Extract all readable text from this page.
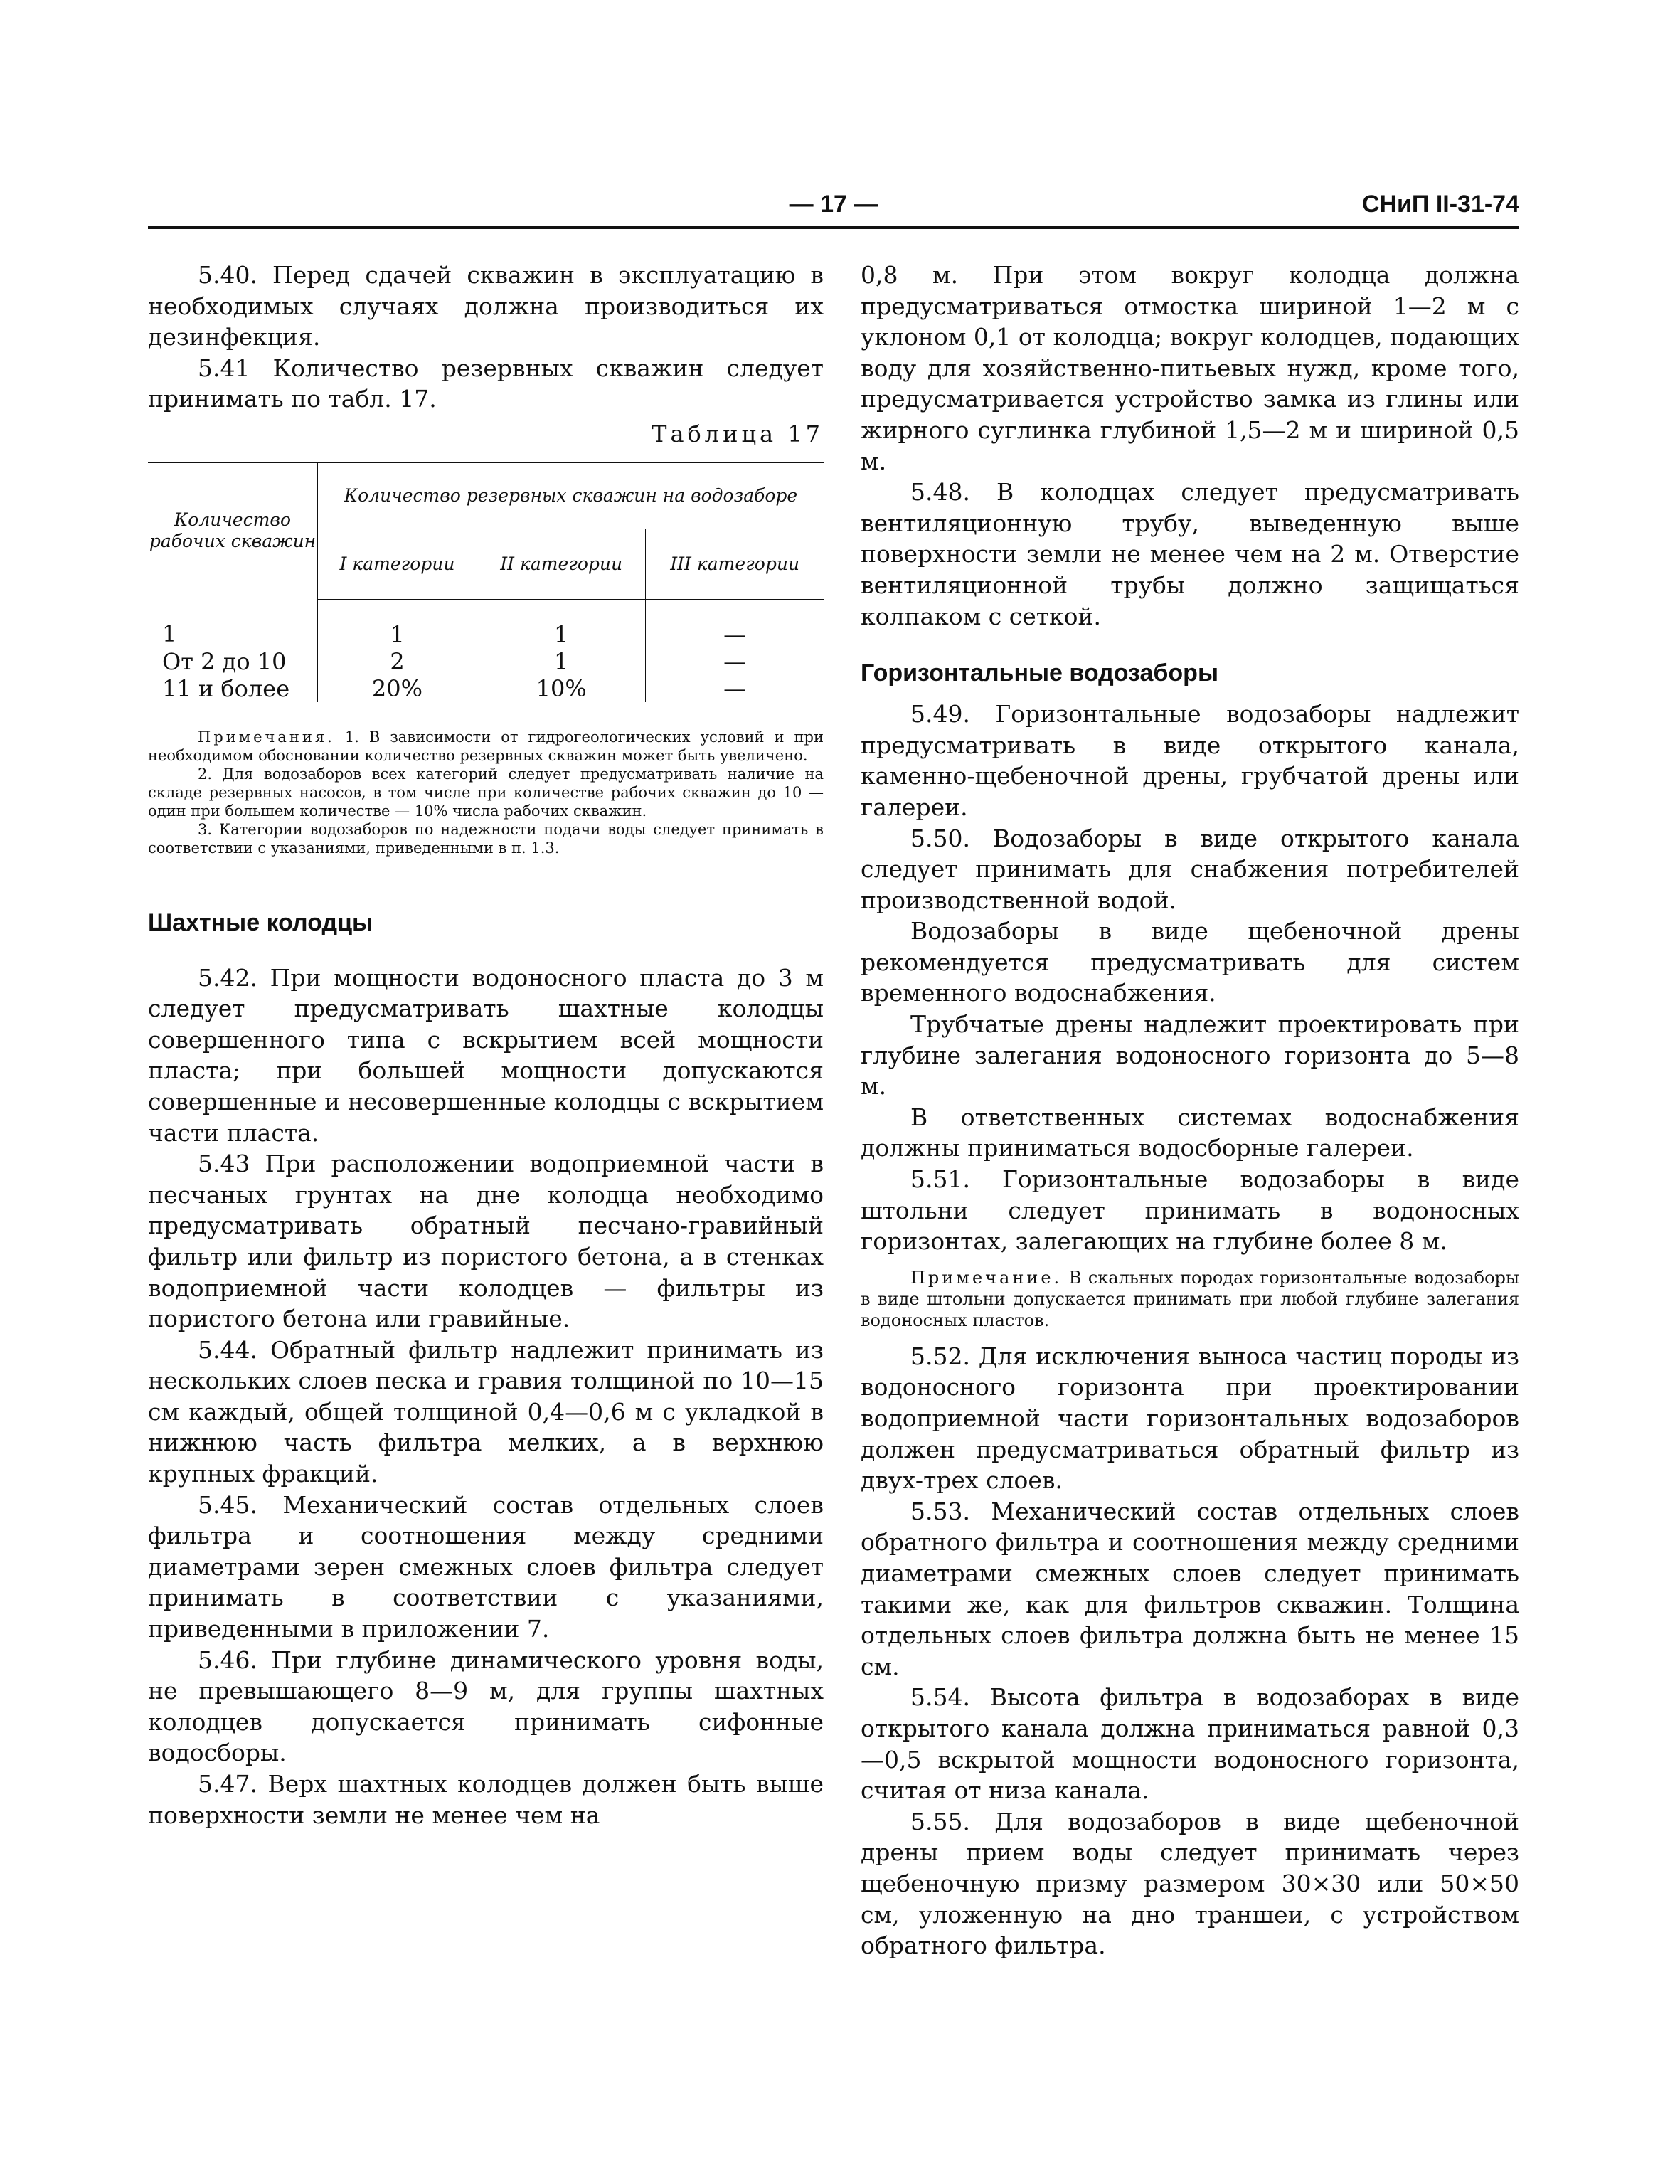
— 17 —	СНиП II-31-74

5.40. Перед сдачей скважин в эксплуатацию в необходимых случаях должна производиться их дезинфекция.

5.41 Количество резервных скважин следует принимать по табл. 17.

Таблица 17
Количество рабочих скважин	Количество резервных скважин на водозаборе		
	I категории	II категории	III категории
1	1	1	—
От 2 до 10	2	1	—
11 и более	20%	10%	—

Примечания. 1. В зависимости от гидрогеологических условий и при необходимом обосновании количество резервных скважин может быть увеличено.

2. Для водозаборов всех категорий следует предусматривать наличие на складе резервных насосов, в том числе при количестве рабочих скважин до 10 — один при большем количестве — 10% числа рабочих скважин.

3. Категории водозаборов по надежности подачи воды следует принимать в соответствии с указаниями, приведенными в п. 1.3.

Шахтные колодцы

5.42. При мощности водоносного пласта до 3 м следует предусматривать шахтные колодцы совершенного типа с вскрытием всей мощности пласта; при большей мощности допускаются совершенные и несовершенные колодцы с вскрытием части пласта.

5.43 При расположении водоприемной части в песчаных грунтах на дне колодца необходимо предусматривать обратный песчано-гравийный фильтр или фильтр из пористого бетона, а в стенках водоприемной части колодцев — фильтры из пористого бетона или гравийные.

5.44. Обратный фильтр надлежит принимать из нескольких слоев песка и гравия толщиной по 10—15 см каждый, общей толщиной 0,4—0,6 м с укладкой в нижнюю часть фильтра мелких, а в верхнюю крупных фракций.

5.45. Механический состав отдельных слоев фильтра и соотношения между средними диаметрами зерен смежных слоев фильтра следует принимать в соответствии с указаниями, приведенными в приложении 7.

5.46. При глубине динамического уровня воды, не превышающего 8—9 м, для группы шахтных колодцев допускается принимать сифонные водосборы.

5.47. Верх шахтных колодцев должен быть выше поверхности земли не менее чем на

0,8 м. При этом вокруг колодца должна предусматриваться отмостка шириной 1—2 м с уклоном 0,1 от колодца; вокруг колодцев, подающих воду для хозяйственно-питьевых нужд, кроме того, предусматривается устройство замка из глины или жирного суглинка глубиной 1,5—2 м и шириной 0,5 м.

5.48. В колодцах следует предусматривать вентиляционную трубу, выведенную выше поверхности земли не менее чем на 2 м. Отверстие вентиляционной трубы должно защищаться колпаком с сеткой.

Горизонтальные водозаборы

5.49. Горизонтальные водозаборы надлежит предусматривать в виде открытого канала, каменно-щебеночной дрены, грубчатой дрены или галереи.

5.50. Водозаборы в виде открытого канала следует принимать для снабжения потребителей производственной водой.

Водозаборы в виде щебеночной дрены рекомендуется предусматривать для систем временного водоснабжения.

Трубчатые дрены надлежит проектировать при глубине залегания водоносного горизонта до 5—8 м.

В ответственных системах водоснабжения должны приниматься водосборные галереи.

5.51. Горизонтальные водозаборы в виде штольни следует принимать в водоносных горизонтах, залегающих на глубине более 8 м.

Примечание. В скальных породах горизонтальные водозаборы в виде штольни допускается принимать при любой глубине залегания водоносных пластов.

5.52. Для исключения выноса частиц породы из водоносного горизонта при проектировании водоприемной части горизонтальных водозаборов должен предусматриваться обратный фильтр из двух-трех слоев.

5.53. Механический состав отдельных слоев обратного фильтра и соотношения между средними диаметрами смежных слоев следует принимать такими же, как для фильтров скважин. Толщина отдельных слоев фильтра должна быть не менее 15 см.

5.54. Высота фильтра в водозаборах в виде открытого канала должна приниматься равной 0,3—0,5 вскрытой мощности водоносного горизонта, считая от низа канала.

5.55. Для водозаборов в виде щебеночной дрены прием воды следует принимать через щебеночную призму размером 30×30 или 50×50 см, уложенную на дно траншеи, с устройством обратного фильтра.
